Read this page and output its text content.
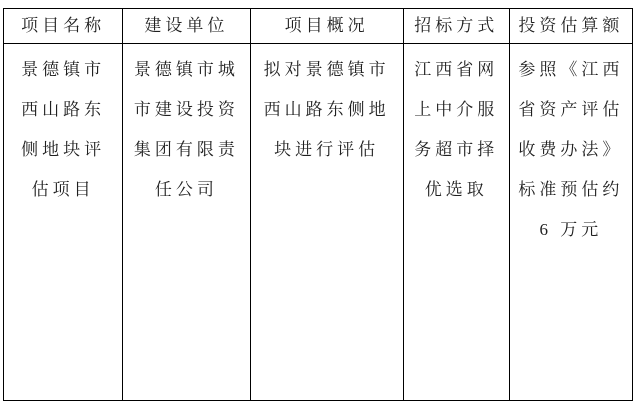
项目名称	建设单位	项目概况	招标方式	投资估算额

景德镇市
西山路东
侧地块评
估项目

景德镇市城
市建设投资
集团有限责
任公司

拟对景德镇市
西山路东侧地
块进行评估

江西省网
上中介服
务超市择
优选取

参照《江西
省资产评估
收费办法》
标准预估约
6 万元
